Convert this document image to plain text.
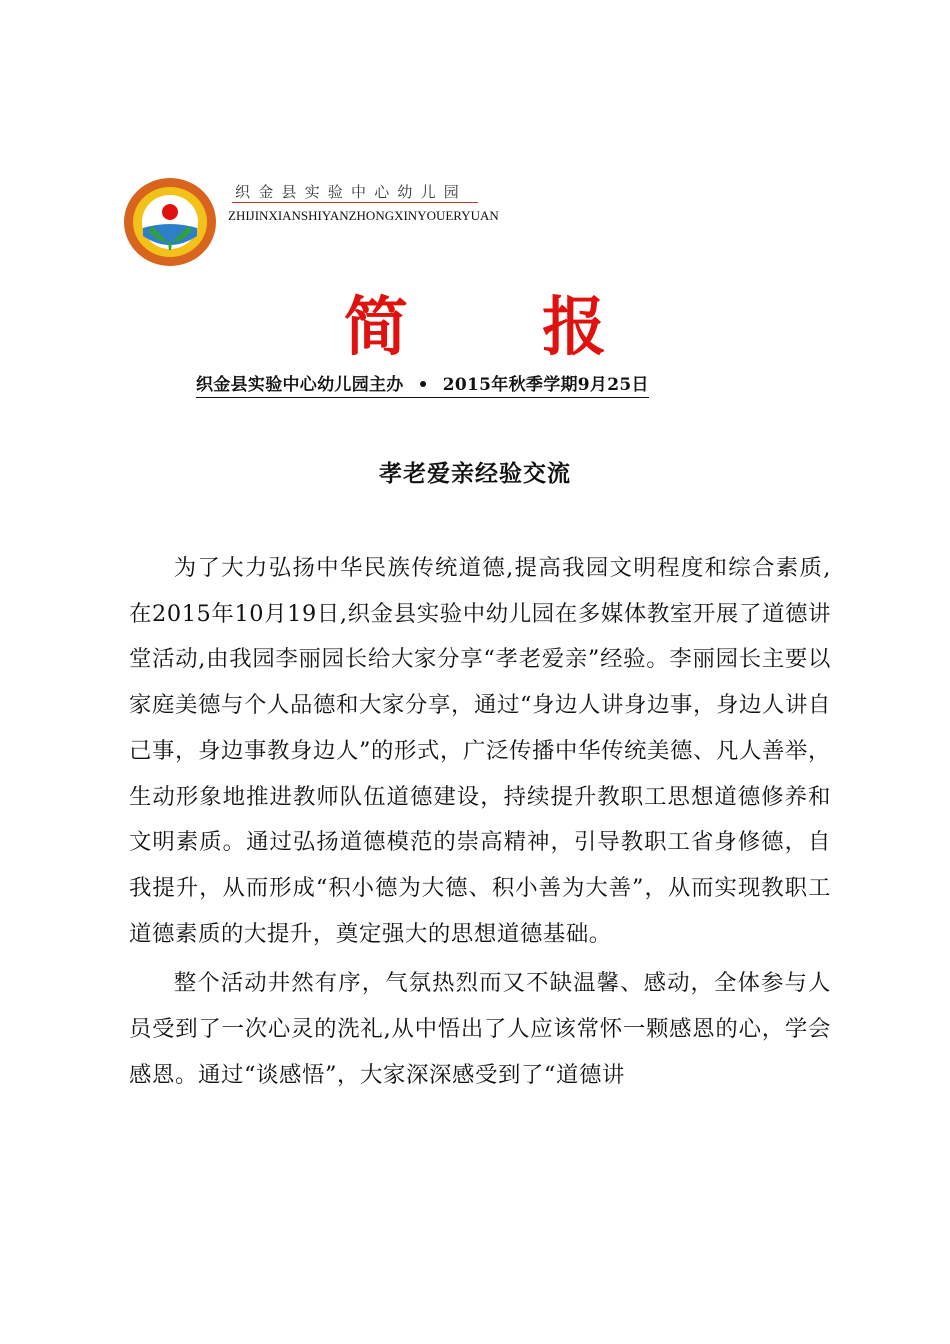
织金县实验中心幼儿园
ZHIJINXIANSHIYANZHONGXINYOUERYUAN
简 报
织金县实验中心幼儿园主办 • 2015年秋季学期9月25日
孝老爱亲经验交流

为了大力弘扬中华民族传统道德,提高我园文明程度和综合素质,在2015年10月19日,织金县实验中幼儿园在多媒体教室开展了道德讲堂活动,由我园李丽园长给大家分享“孝老爱亲”经验。李丽园长主要以家庭美德与个人品德和大家分享，通过“身边人讲身边事，身边人讲自己事，身边事教身边人”的形式，广泛传播中华传统美德、凡人善举，生动形象地推进教师队伍道德建设，持续提升教职工思想道德修养和文明素质。通过弘扬道德模范的崇高精神，引导教职工省身修德，自我提升，从而形成“积小德为大德、积小善为大善”，从而实现教职工道德素质的大提升，奠定强大的思想道德基础。

整个活动井然有序，气氛热烈而又不缺温馨、感动，全体参与人员受到了一次心灵的洗礼,从中悟出了人应该常怀一颗感恩的心，学会感恩。通过“谈感悟”，大家深深感受到了“道德讲
